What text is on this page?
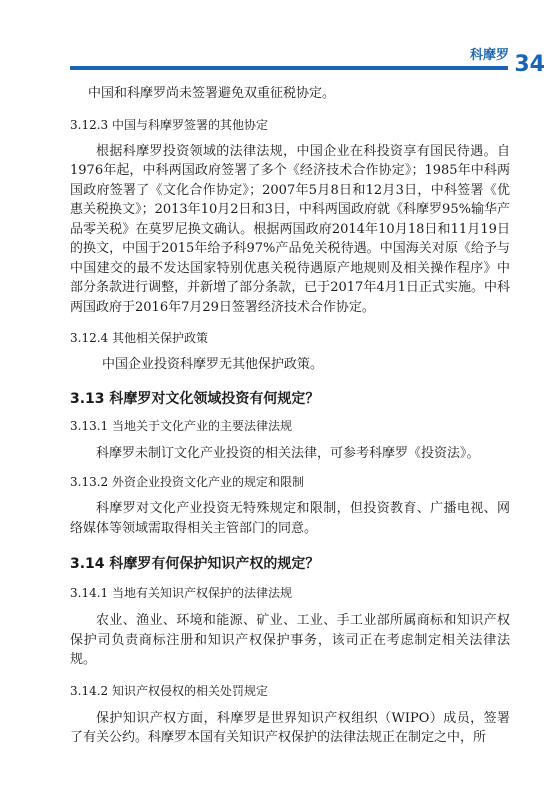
科摩罗 34

中国和科摩罗尚未签署避免双重征税协定。

3.12.3 中国与科摩罗签署的其他协定

根据科摩罗投资领域的法律法规，中国企业在科投资享有国民待遇。自1976年起，中科两国政府签署了多个《经济技术合作协定》；1985年中科两国政府签署了《文化合作协定》；2007年5月8日和12月3日，中科签署《优惠关税换文》；2013年10月2日和3日，中科两国政府就《科摩罗95%输华产品零关税》在莫罗尼换文确认。根据两国政府2014年10月18日和11月19日的换文，中国于2015年给予科97%产品免关税待遇。中国海关对原《给予与中国建交的最不发达国家特别优惠关税待遇原产地规则及相关操作程序》中部分条款进行调整，并新增了部分条款，已于2017年4月1日正式实施。中科两国政府于2016年7月29日签署经济技术合作协定。

3.12.4 其他相关保护政策

中国企业投资科摩罗无其他保护政策。

3.13 科摩罗对文化领域投资有何规定？

3.13.1 当地关于文化产业的主要法律法规

科摩罗未制订文化产业投资的相关法律，可参考科摩罗《投资法》。

3.13.2 外资企业投资文化产业的规定和限制

科摩罗对文化产业投资无特殊规定和限制，但投资教育、广播电视、网络媒体等领域需取得相关主管部门的同意。

3.14 科摩罗有何保护知识产权的规定？

3.14.1 当地有关知识产权保护的法律法规

农业、渔业、环境和能源、矿业、工业、手工业部所属商标和知识产权保护司负责商标注册和知识产权保护事务，该司正在考虑制定相关法律法规。

3.14.2 知识产权侵权的相关处罚规定

保护知识产权方面，科摩罗是世界知识产权组织（WIPO）成员，签署了有关公约。科摩罗本国有关知识产权保护的法律法规正在制定之中，所
